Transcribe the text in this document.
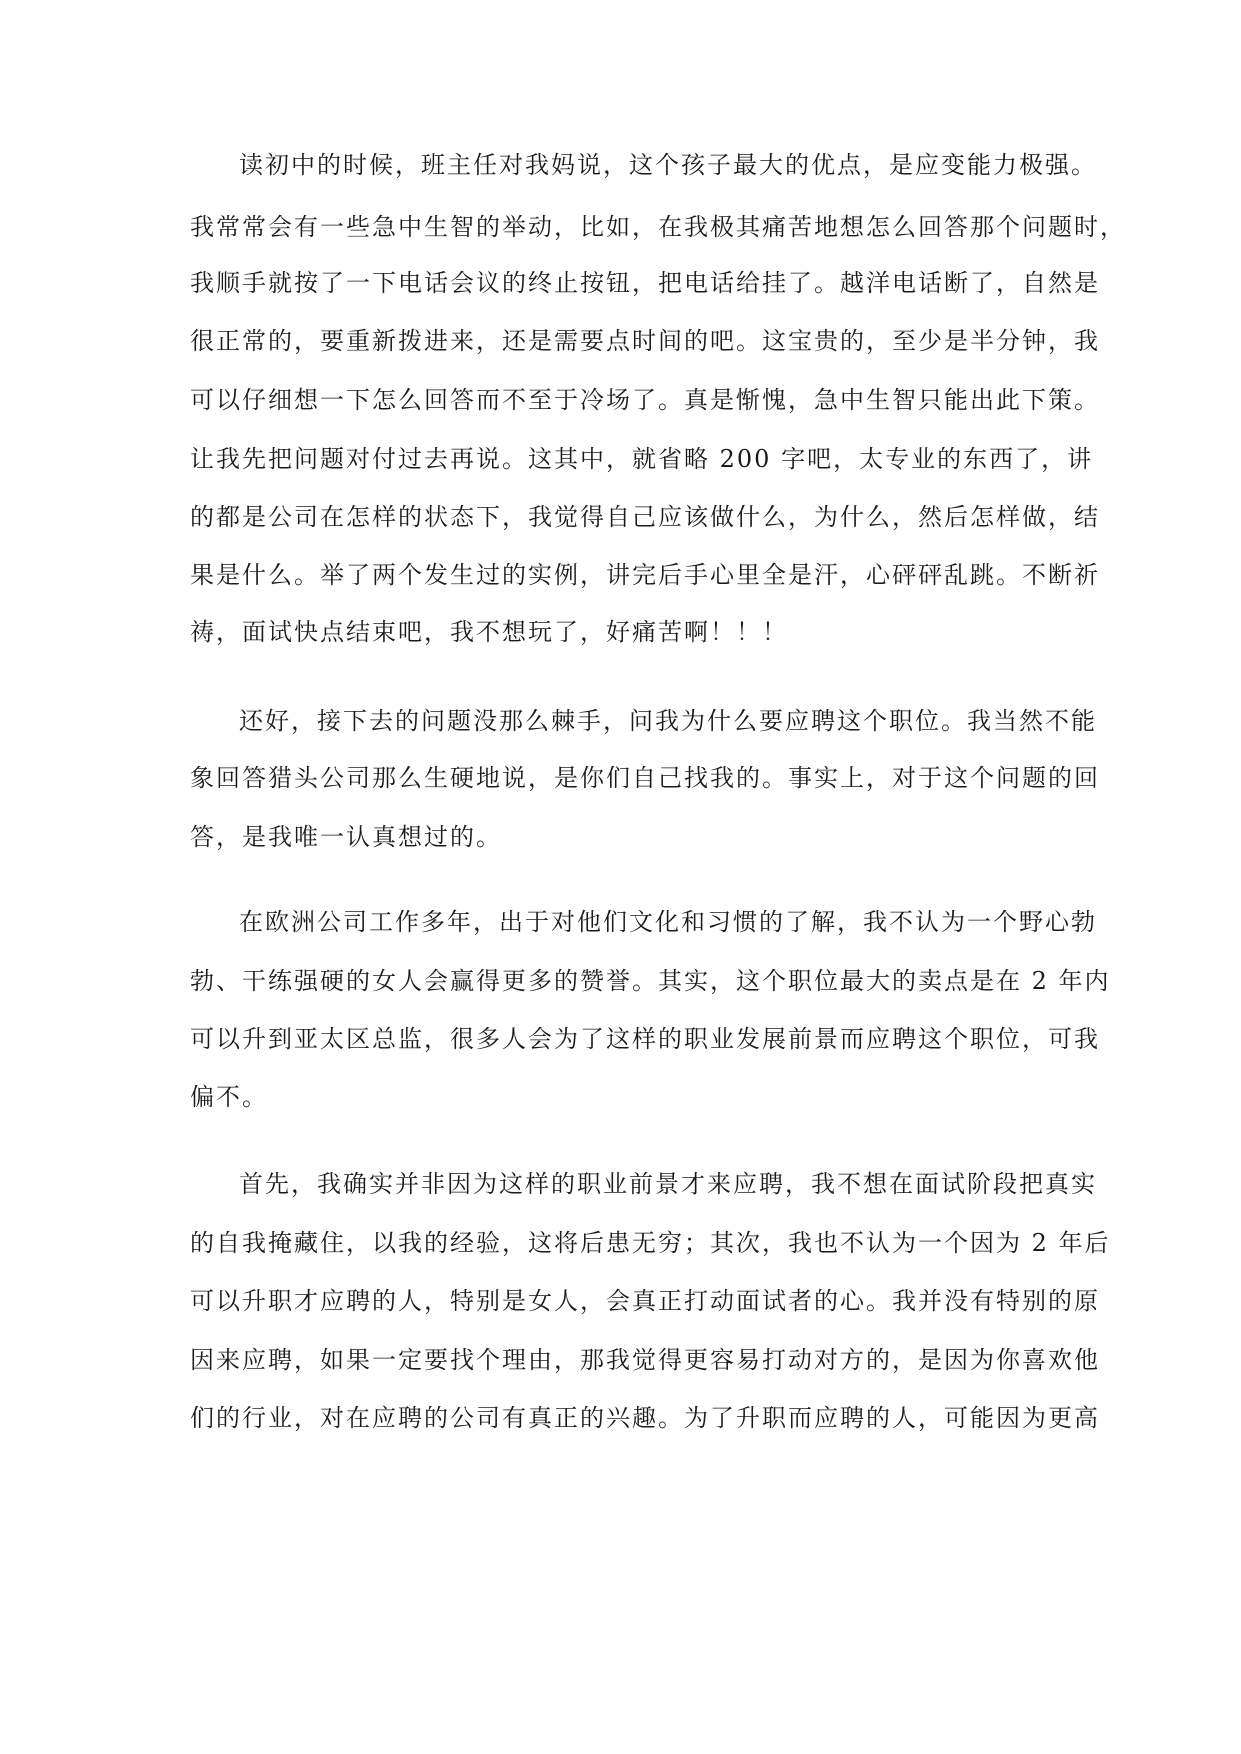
读初中的时候，班主任对我妈说，这个孩子最大的优点，是应变能力极强。
我常常会有一些急中生智的举动，比如，在我极其痛苦地想怎么回答那个问题时，
我顺手就按了一下电话会议的终止按钮，把电话给挂了。越洋电话断了，自然是
很正常的，要重新拨进来，还是需要点时间的吧。这宝贵的，至少是半分钟，我
可以仔细想一下怎么回答而不至于冷场了。真是惭愧，急中生智只能出此下策。
让我先把问题对付过去再说。这其中，就省略 200 字吧，太专业的东西了，讲
的都是公司在怎样的状态下，我觉得自己应该做什么，为什么，然后怎样做，结
果是什么。举了两个发生过的实例，讲完后手心里全是汗，心砰砰乱跳。不断祈
祷，面试快点结束吧，我不想玩了，好痛苦啊！！！
还好，接下去的问题没那么棘手，问我为什么要应聘这个职位。我当然不能
象回答猎头公司那么生硬地说，是你们自己找我的。事实上，对于这个问题的回
答，是我唯一认真想过的。
在欧洲公司工作多年，出于对他们文化和习惯的了解，我不认为一个野心勃
勃、干练强硬的女人会赢得更多的赞誉。其实，这个职位最大的卖点是在 2 年内
可以升到亚太区总监，很多人会为了这样的职业发展前景而应聘这个职位，可我
偏不。
首先，我确实并非因为这样的职业前景才来应聘，我不想在面试阶段把真实
的自我掩藏住，以我的经验，这将后患无穷；其次，我也不认为一个因为 2 年后
可以升职才应聘的人，特别是女人，会真正打动面试者的心。我并没有特别的原
因来应聘，如果一定要找个理由，那我觉得更容易打动对方的，是因为你喜欢他
们的行业，对在应聘的公司有真正的兴趣。为了升职而应聘的人，可能因为更高
